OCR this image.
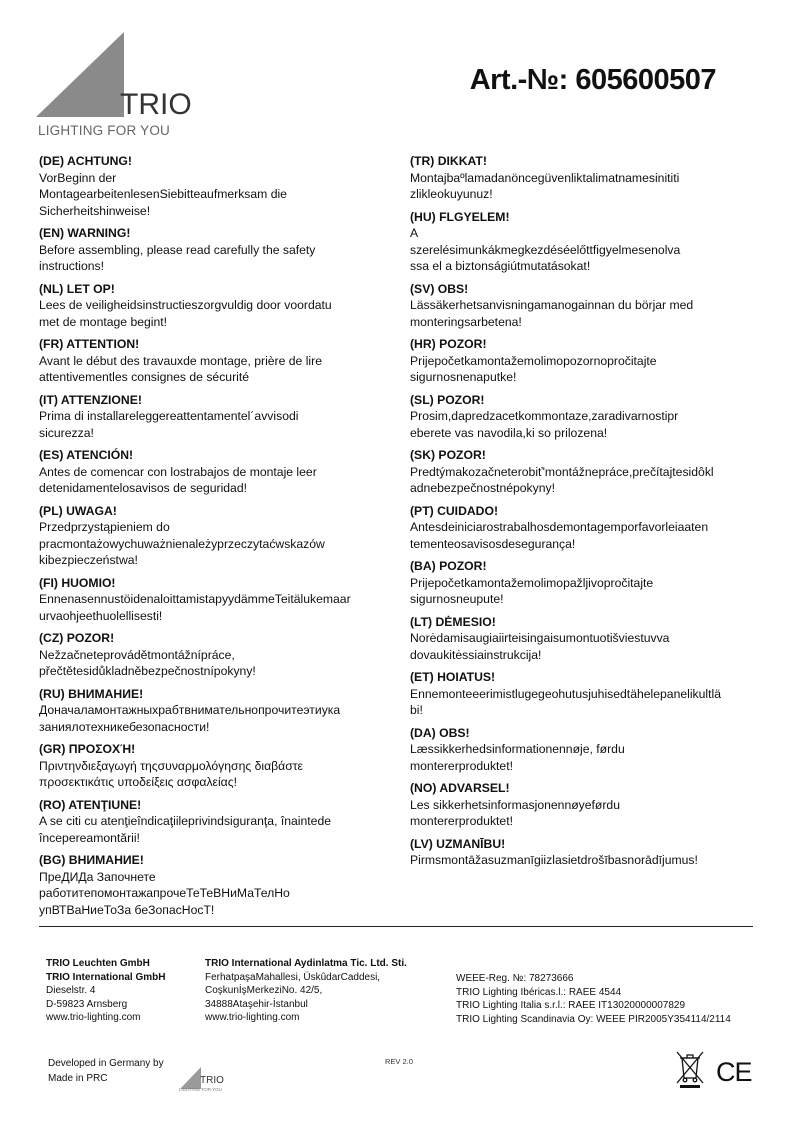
TRIO
LIGHTING FOR YOU
Art.-№: 605600507
(DE) ACHTUNG!
VorBeginn der
MontagearbeitenlesenSiebitteaufmerksam die
Sicherheitshinweise!
(EN) WARNING!
Before assembling, please read carefully the safety
instructions!
(NL) LET OP!
Lees de veiligheidsinstructieszorgvuldig door voordatu
met de montage begint!
(FR) ATTENTION!
Avant le début des travauxde montage, prière de lire
attentivementles consignes de sécurité
(IT) ATTENZIONE!
Prima di installareleggereattentamentel´avvisodi
sicurezza!
(ES) ATENCIÓN!
Antes de comencar con lostrabajos de montaje leer
detenidamentelosavisos de seguridad!
(PL) UWAGA!
Przedprzystąpieniem do
pracmontażowychuważnienależyprzeczytaćwskazów
kibezpieczeństwa!
(FI) HUOMIO!
EnnenasennustöidenaloittamistapyydämmeTeitälukemaar
urvaohjeethuolellisesti!
(CZ) POZOR!
Nežzačneteprovádětmontážnípráce,
přečtětesidůkladněbezpečnostnípokyny!
(RU) ВНИМАНИЕ!
Доначаламонтажныхрабтвнимательнопрочитеэтиука
заниялотехникебезопасности!
(GR) ΠΡΟΣΟΧΉ!
Πριντηνδιεξαγωγή τηςσυναρμολόγησης διαβάστε
προσεκτικάτις υποδείξεις ασφαλείας!
(RO) ATENŢIUNE!
A se citi cu atenţieîndicaţiileprivindsiguranţa, înaintede
începereamontării!
(BG) ВНИМАНИЕ!
ПреДИДа Започнете
работитепомонтажапрочеТеТеВНиМаТелНо
упВТВаНиеТоЗа беЗопасНосТ!
(TR) DIKKAT!
Montajbaºlamadanöncegüvenliktalimatnamesinititi
zlikleokuyunuz!
(HU) FLGYELEM!
A
szerelésimunkákmegkezdéséelőttfigyelmesenolva
ssa el a biztonságiútmutatásokat!
(SV) OBS!
Lässäkerhetsanvisningamanogainnan du börjar med
monteringsarbetena!
(HR) POZOR!
Prijepočetkamontažemolimopozornopročitajte
sigurnosnenaputke!
(SL) POZOR!
Prosim,dapredzacetkommontaze,zaradivarnostipr
eberete vas navodila,ki so prilozena!
(SK) POZOR!
Predtýmakozačneterobiť'montážnepráce,prečítajtesidôkl
adnebezpečnostnépokyny!
(PT) CUIDADO!
Antesdeiniciarostrabalhosdemontagemporfavorleiaaten
tementeosavisosdesegurança!
(BA) POZOR!
Prijepočetkamontažemolimopažljivopročitajte
sigurnosneupute!
(LT) DĖMESIO!
Norėdamisaugiaiirteisingaisumontuotišviestuvva
dovaukitėssiainstrukcija!
(ET) HOIATUS!
Ennemonteeerimistlugegeohutusjuhisedtähelepanelikultlä
bi!
(DA) OBS!
Læssikkerhedsinformationennøje, førdu
montererproduktet!
(NO) ADVARSEL!
Les sikkerhetsinformasjonennøyeførdu
montererproduktet!
(LV) UZMANĪBU!
Pirmsmontāžasuzmanīgiizlasietdrošībasnorādījumus!
TRIO Leuchten GmbH
TRIO International GmbH
Dieselstr. 4
D-59823 Arnsberg
www.trio-lighting.com
TRIO International Aydinlatma Tic. Ltd. Sti.
FerhatpaşaMahallesi, ÜskûdarCaddesi,
CoşkunİşMerkeziNo. 42/5,
34888Ataşehir-İstanbul
www.trio-lighting.com
WEEE-Reg. №: 78273666
TRIO Lighting Ibéricas.l.: RAEE 4544
TRIO Lighting Italia s.r.l.: RAEE IT13020000007829
TRIO Lighting Scandinavia Oy: WEEE PIR2005Y354114/2114
Developed in Germany by
Made in PRC	TRIO
LIGHTING FOR YOU
REV 2.0	CE
